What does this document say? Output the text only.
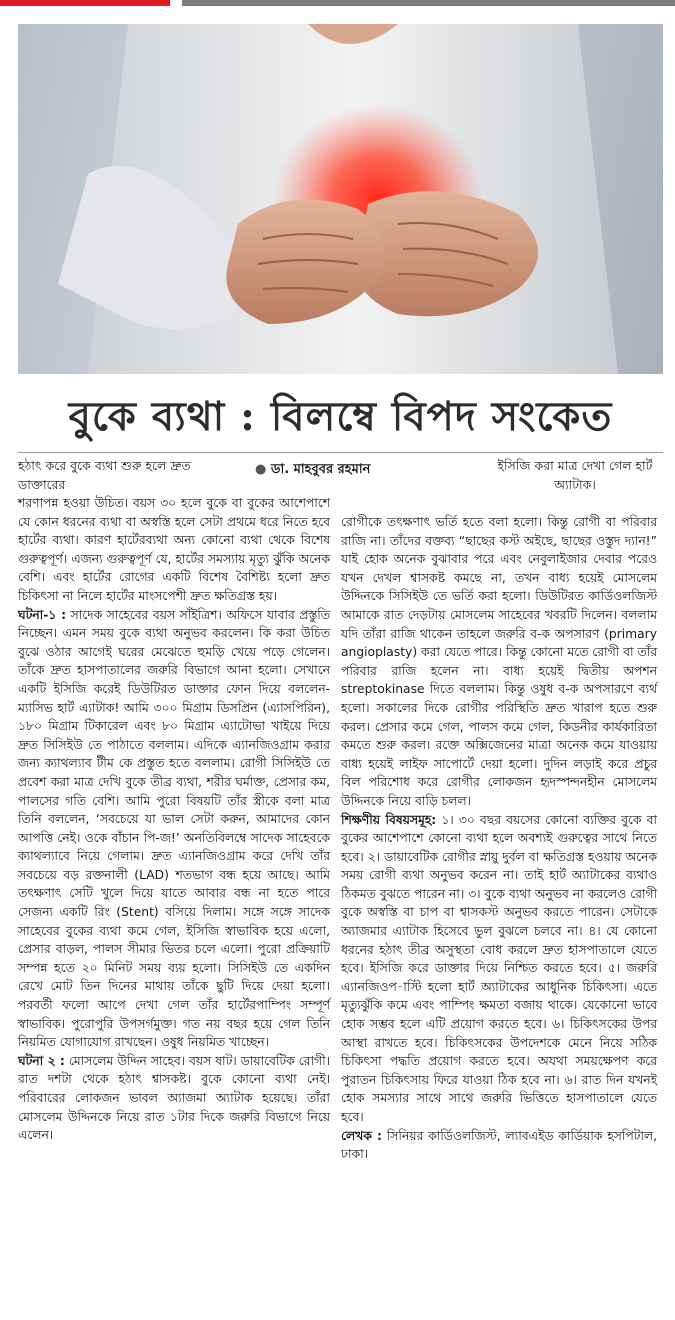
বুকে ব্যথা : বিলম্বে বিপদ সংকেত
হঠাৎ করে বুকে ব্যথা শুরু হলে দ্রুত ডাক্তারের
● ডা. মাহবুবর রহমান	ইসিজি করা মাত্র দেখা গেল হার্ট অ্যাটাক।

শরণাপন্ন হওয়া উচিত। বয়স ৩০ হলে বুকে বা বুকের আশেপাশে যে কোন ধরনের ব্যথা বা অস্বস্তি হলে সেটা প্রথমে ধরে নিতে হবে হার্টের ব্যথা। কারণ হার্টেরব্যথা অন্য কোনো ব্যথা থেকে বিশেষ গুরুত্বপূর্ণ। এজন্য গুরুত্বপূর্ণ যে, হার্টের সমস্যায় মৃত্যু ঝুঁকি অনেক বেশি। এবং হার্টের রোগের একটি বিশেষ বৈশিষ্ট্য হলো দ্রুত চিকিৎসা না নিলে হার্টের মাংসপেশী দ্রুত ক্ষতিগ্রস্ত হয়।

ঘটনা-১ : সাদেক সাহেবের বয়স সাঁইত্রিশ। অফিসে যাবার প্রস্তুতি নিচ্ছেন। এমন সময় বুকে ব্যথা অনুভব করলেন। কি করা উচিত বুঝে ওঠার আগেই ঘরের মেঝেতে হুমড়ি খেয়ে পড়ে গেলেন। তাঁকে দ্রুত হাসপাতালের জরুরি বিভাগে আনা হলো। সেখানে একটি ইসিজি করেই ডিউটিরত ডাক্তার ফোন দিয়ে বললেন- ম্যাসিভ হার্ট এ্যাটাক! আমি ৩০০ মিগ্রাম ডিসপ্রিন (এ্যাসপিরিন), ১৮০ মিগ্রাম টিকারেল এবং ৮০ মিগ্রাম এ্যাটোভা খাইয়ে দিয়ে দ্রুত সিসিইউ তে পাঠাতে বললাম। এদিকে এ্যানজিওগ্রাম করার জন্য ক্যাথল্যাব টীম কে প্রস্তুত হতে বললাম। রোগী সিসিইউ তে প্রবেশ করা মাত্র দেখি বুকে তীব্র ব্যথা, শরীর ঘর্মাক্ত, প্রেসার কম, পালসের গতি বেশি। আমি পুরো বিষয়টি তাঁর স্ত্রীকে বলা মাত্র তিনি বললেন, ‘সবচেয়ে যা ভাল সেটা করুন, আমাদের কোন আপত্তি নেই। ওকে বাঁচান পি-জ!’ অনতিবিলম্বে সাদেক সাহেবকে ক্যাথল্যাবে নিয়ে গেলাম। দ্রুত এ্যানজিওগ্রাম করে দেখি তাঁর সবচেয়ে বড় রক্তনালী (LAD) শতভাগ বন্ধ হয়ে আছে। আমি তৎক্ষণাৎ সেটি খুলে দিয়ে যাতে আবার বন্ধ না হতে পারে সেজন্য একটি রিং (Stent) বসিয়ে দিলাম। সঙ্গে সঙ্গে সাদেক সাহেবের বুকের ব্যথা কমে গেল, ইসিজি স্বাভাবিক হয়ে এলো, প্রেসার বাড়ল, পালস সীমার ভিতর চলে এলো। পুরো প্রক্রিয়াটি সম্পন্ন হতে ২০ মিনিট সময় ব্যয় হলো। সিসিইউ তে একদিন রেখে মোট তিন দিনের মাথায় তাঁকে ছুটি দিয়ে দেয়া হলো। পরবর্তী ফলো আপে দেখা গেল তাঁর হার্টেরপাম্পিং সম্পূর্ণ স্বাভাবিক। পুরোপুরি উপসর্গমুক্ত। গত নয় বছর হয়ে গেল তিনি নিয়মিত যোগাযোগ রাখছেন। ওষুধ নিয়মিত খাচ্ছেন।

ঘটনা ২ : মোসলেম উদ্দিন সাহেব। বয়স ষাট। ডায়াবেটিক রোগী। রাত দশটা থেকে হঠাৎ শ্বাসকষ্ট। বুকে কোনো ব্যথা নেই। পরিবারের লোকজন ভাবল অ্যাজমা অ্যাটাক হয়েছে। তাঁরা মোসলেম উদ্দিনকে নিয়ে রাত ১টার দিকে জরুরি বিভাগে নিয়ে এলেন।

রোগীকে তৎক্ষণাৎ ভর্তি হতে বলা হলো। কিন্তু রোগী বা পরিবার রাজি না। তাঁদের বক্তব্য “ছাছের কস্ট অইছে, ছাছের ওস্তুদ দ্যান!” যাই হোক অনেক বুঝাবার পরে এবং নেবুলাইজার দেবার পরেও যখন দেখল শ্বাসকষ্ট কমছে না, তখন বাধ্য হয়েই মোসলেম উদ্দিনকে সিসিইউ তে ভর্তি করা হলো। ডিউটিরত কার্ডিওলজিস্ট আমাকে রাত দেড়টায় মোসলেম সাহেবের খবরটি দিলেন। বললাম যদি তাঁরা রাজি থাকেন তাহলে জরুরি ব-ক অপসারণ (primary angioplasty) করা যেতে পারে। কিন্তু কোনো মতে রোগী বা তাঁর পরিবার রাজি হলেন না। বাধ্য হয়েই দ্বিতীয় অপশন streptokinase দিতে বললাম। কিন্তু ওষুধ ব-ক অপসারণে ব্যর্থ হলো। সকালের দিকে রোগীর পরিস্থিতি দ্রুত খারাপ হতে শুরু করল। প্রেসার কমে গেল, পালস কমে গেল, কিডনীর কার্যকারিতা কমতে শুরু করল। রক্তে অক্সিজেনের মাত্রা অনেক কমে যাওয়ায় বাধ্য হয়েই লাইফ সাপোর্টে দেয়া হলো। দুদিন লড়াই করে প্রচুর বিল পরিশোধ করে রোগীর লোকজন হৃদস্পন্দনহীন মোসলেম উদ্দিনকে নিয়ে বাড়ি চলল।

শিক্ষণীয় বিষয়সমূহ: ১। ৩০ বছর বয়সের কোনো ব্যক্তির বুকে বা বুকের আশেপাশে কোনো ব্যথা হলে অবশ্যই গুরুত্বের সাথে নিতে হবে। ২। ডায়াবেটিক রোগীর স্নায়ু দুর্বল বা ক্ষতিগ্রস্ত হওয়ায় অনেক সময় রোগী ব্যথা অনুভব করেন না। তাই হার্ট অ্যাটাকের ব্যথাও ঠিকমত বুঝতে পারেন না। ৩। বুকে ব্যথা অনুভব না করলেও রোগী বুকে অস্বস্তি বা চাপ বা শ্বাসকস্ট অনুভব করতে পারেন। সেটাকে অ্যাজমার এ্যাটাক হিসেবে ভুল বুঝলে চলবে না। ৪। যে কোনো ধরনের হঠাৎ তীব্র অসুস্থতা বোধ করলে দ্রুত হাসপাতালে যেতে হবে। ইসিজি করে ডাক্তার দিয়ে নিশ্চিত করতে হবে। ৫। জরুরি এ্যানজিওপ-াস্টি হলো হার্ট অ্যাটাকের আধুনিক চিকিৎসা। এতে মৃত্যুঝুঁকি কমে এবং পাম্পিং ক্ষমতা বজায় থাকে। যেকোনো ভাবে হোক সম্ভব হলে এটি প্রয়োগ করতে হবে। ৬। চিকিৎসকের উপর আস্থা রাখতে হবে। চিকিৎসকের উপদেশকে মেনে নিয়ে সঠিক চিকিৎসা পদ্ধতি প্রয়োগ করতে হবে। অযথা সময়ক্ষেপণ করে পুরাতন চিকিৎসায় ফিরে যাওয়া ঠিক হবে না। ৬। রাত দিন যখনই হোক সমস্যার সাথে সাথে জরুরি ভিত্তিতে হাসপাতালে যেতে হবে।

লেখক : সিনিয়র কার্ডিওলজিস্ট, ল্যাবএইড কার্ডিয়াক হসপিটাল, ঢাকা।
